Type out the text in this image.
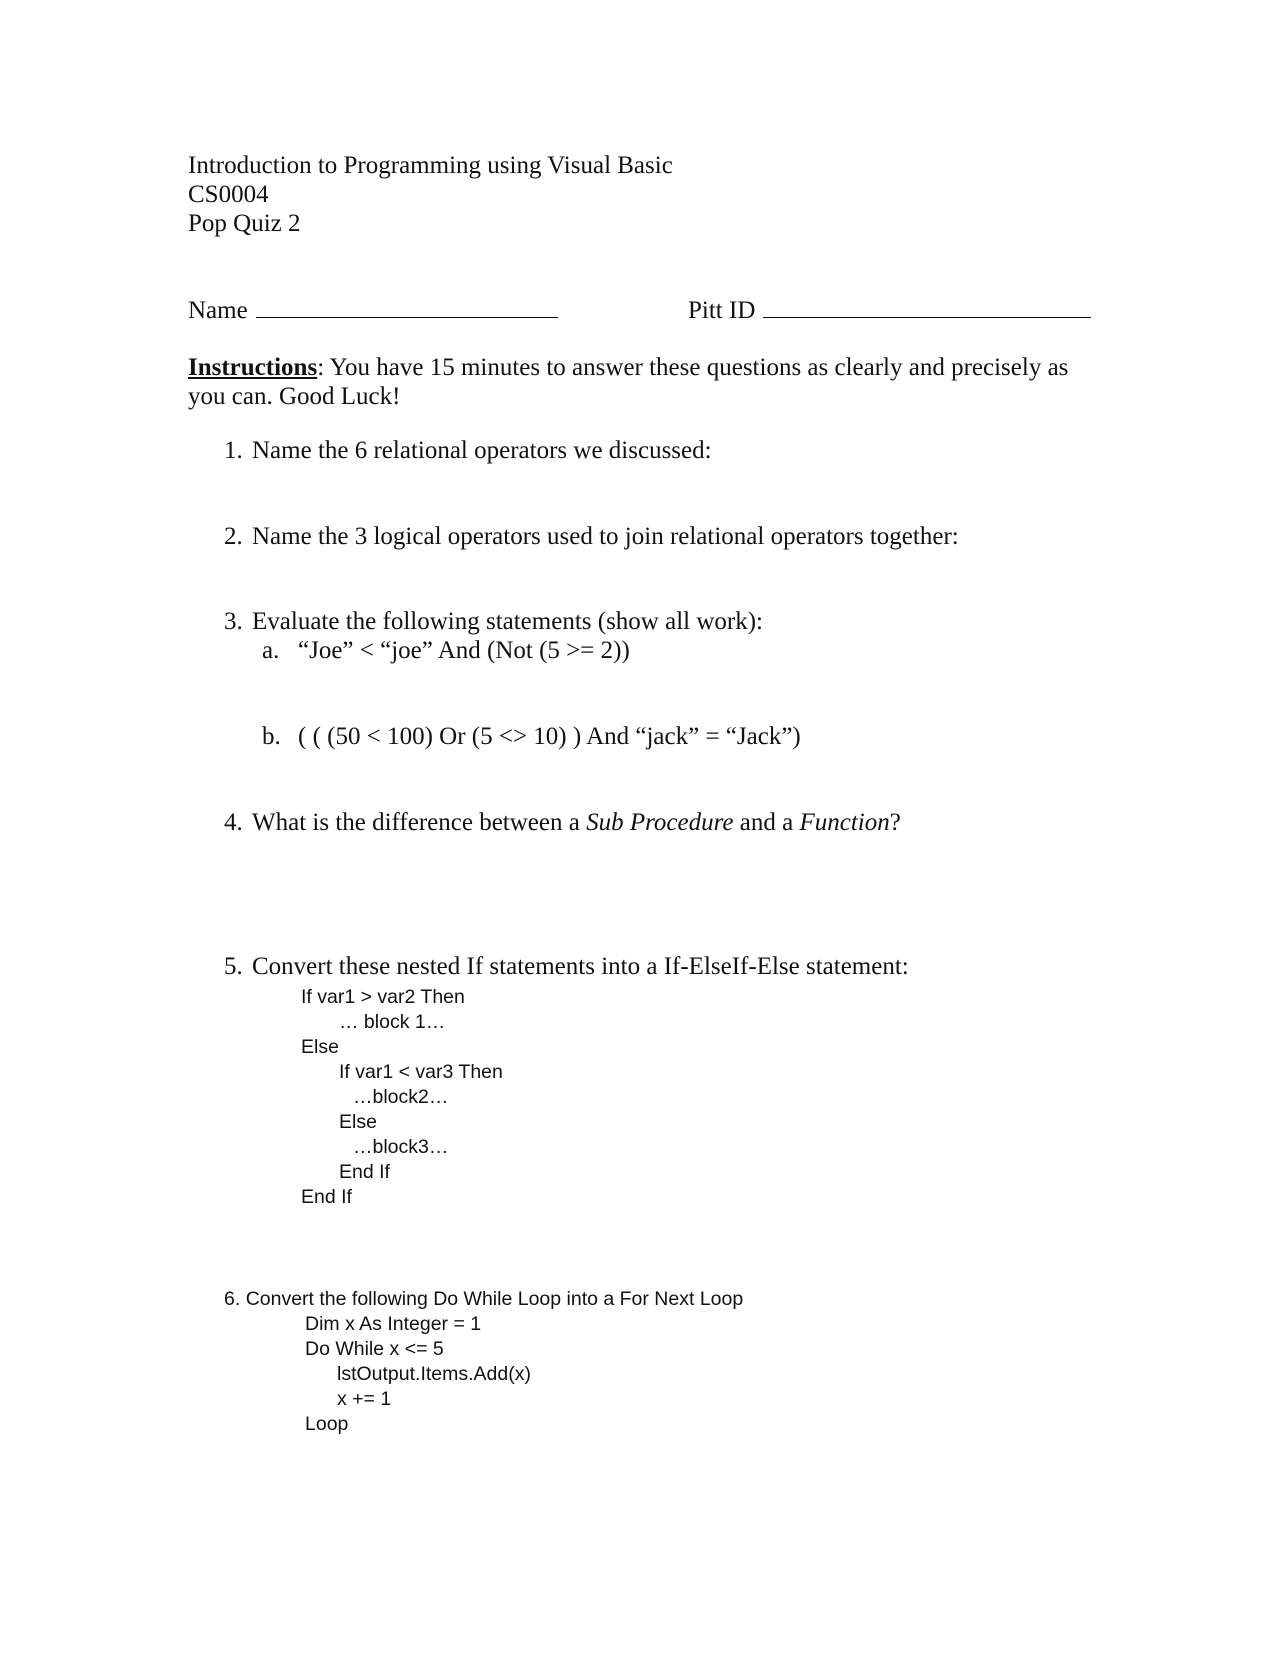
Introduction to Programming using Visual Basic
CS0004
Pop Quiz 2
Name	Pitt ID
Instructions: You have 15 minutes to answer these questions as clearly and precisely as you can. Good Luck!
1. Name the 6 relational operators we discussed:
2. Name the 3 logical operators used to join relational operators together:
3. Evaluate the following statements (show all work):
a. “Joe” < “joe” And (Not (5 >= 2))
b. ( ( (50 < 100) Or (5 <> 10) ) And “jack” = “Jack”)
4. What is the difference between a Sub Procedure and a Function?
5. Convert these nested If statements into a If-ElseIf-Else statement:
If var1 > var2 Then
… block 1…
Else
If var1 < var3 Then
…block2…
Else
…block3…
End If
End If
6. Convert the following Do While Loop into a For Next Loop
Dim x As Integer = 1
Do While x <= 5
lstOutput.Items.Add(x)
x += 1
Loop
